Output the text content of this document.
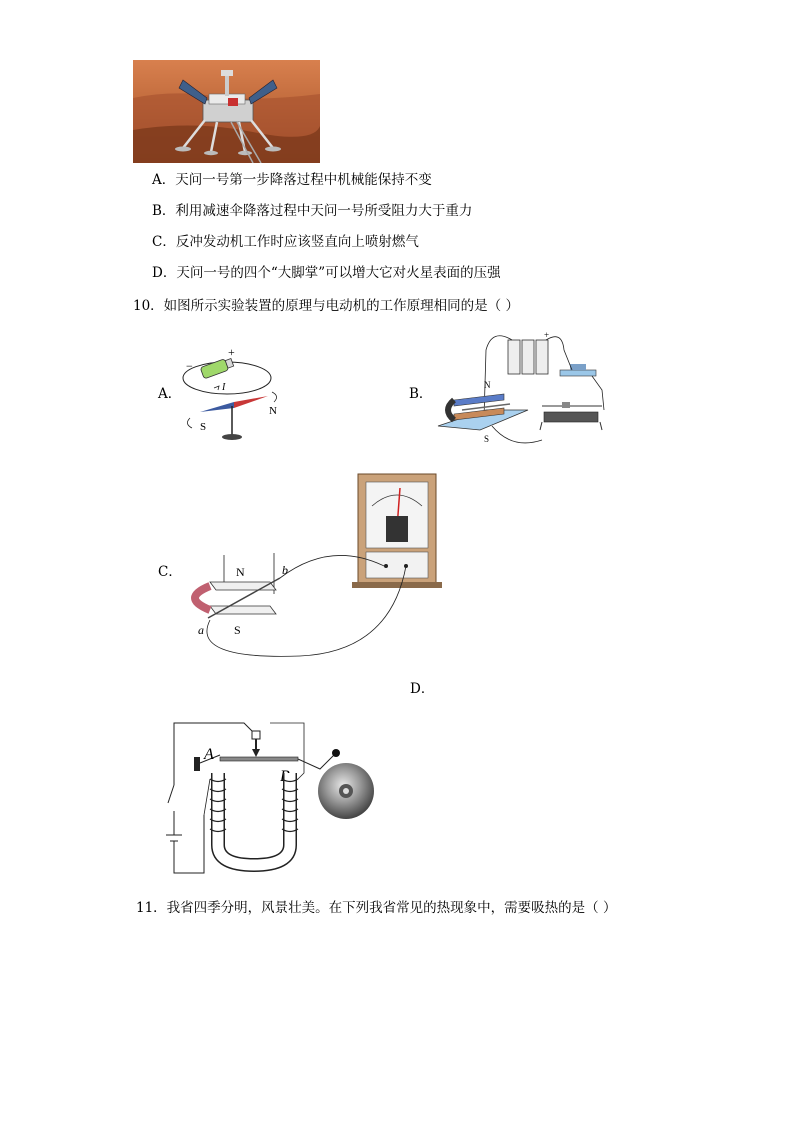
A．天问一号第一步降落过程中机械能保持不变
B．利用减速伞降落过程中天问一号所受阻力大于重力
C．反冲发动机工作时应该竖直向上喷射燃气
D．天问一号的四个“大脚掌”可以增大它对火星表面的压强
10．如图所示实验装置的原理与电动机的工作原理相同的是（ ）
A．
+
−
I
S
N
B．
+
N
S
C．	N
S
a
b
D．
A
B
11．我省四季分明，风景壮美。在下列我省常见的热现象中，需要吸热的是（ ）
